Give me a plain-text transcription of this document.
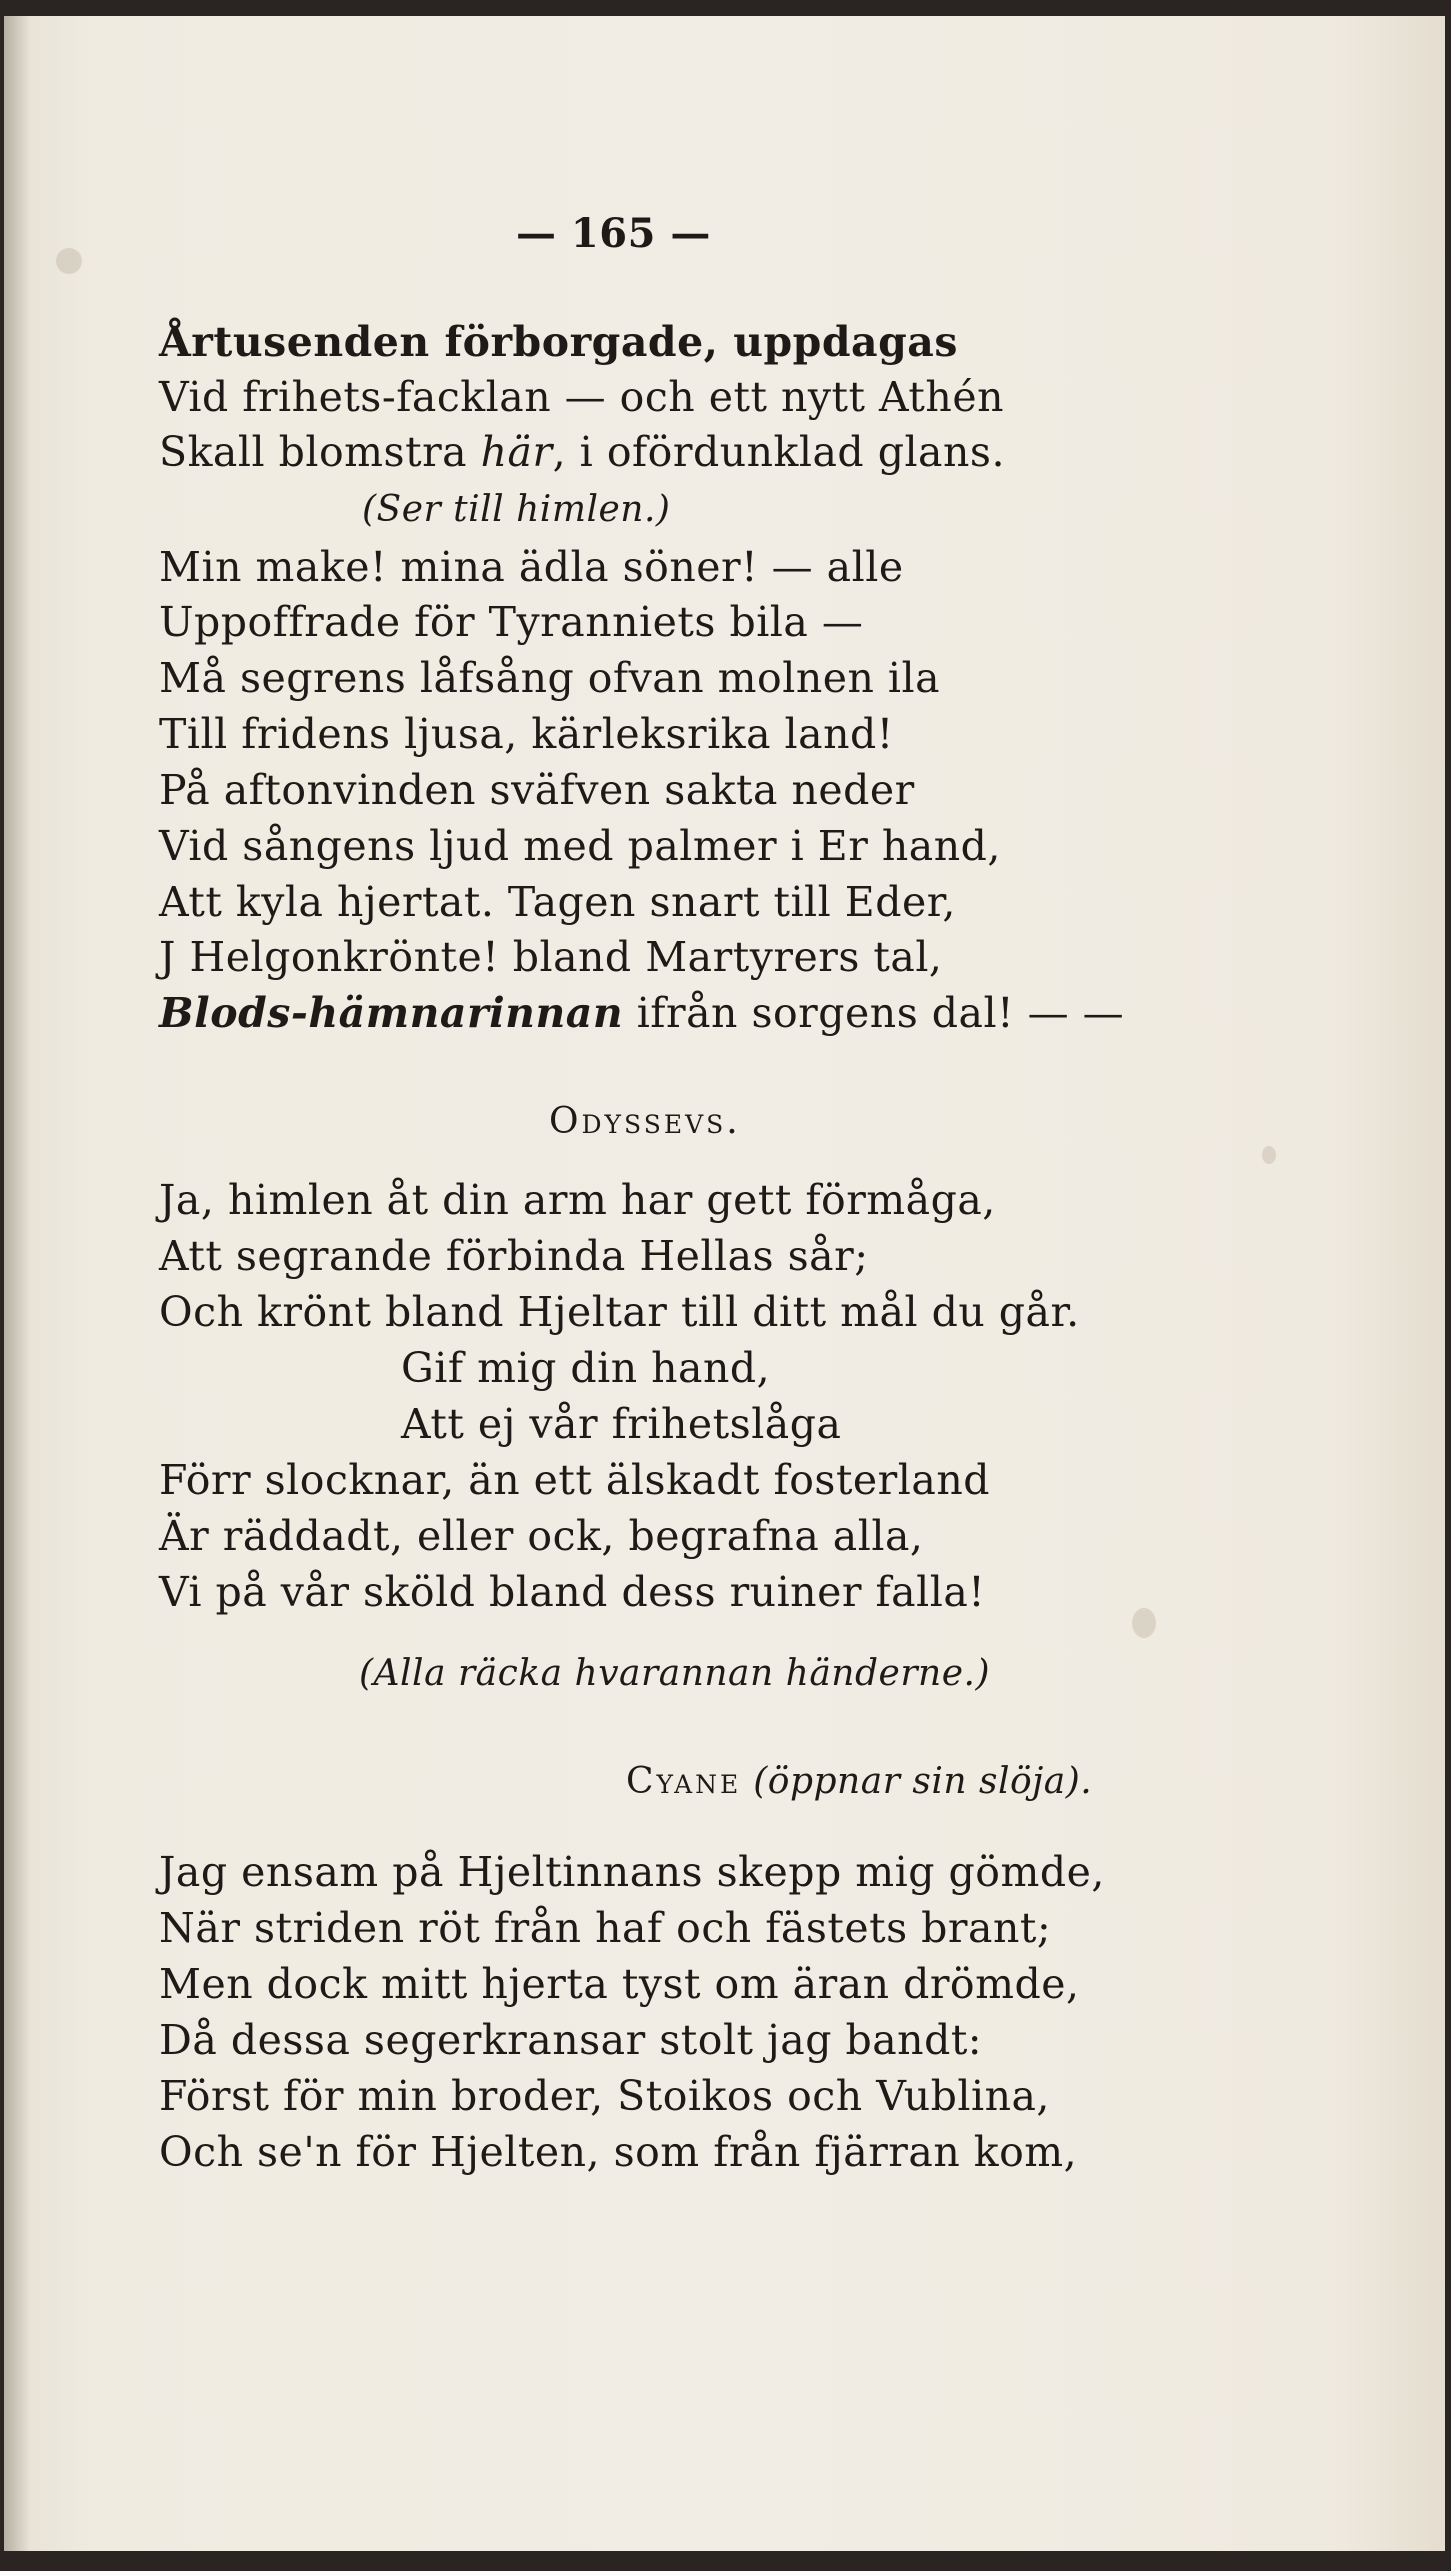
— 165 —
Årtusenden förborgade, uppdagas
Vid frihets-facklan — och ett nytt Athén
Skall blomstra här, i ofördunklad glans.
(Ser till himlen.)
Min make! mina ädla söner! — alle
Uppoffrade för Tyranniets bila —
Må segrens låfsång ofvan molnen ila
Till fridens ljusa, kärleksrika land!
På aftonvinden sväfven sakta neder
Vid sångens ljud med palmer i Er hand,
Att kyla hjertat. Tagen snart till Eder,
J Helgonkrönte! bland Martyrers tal,
Blods-hämnarinnan ifrån sorgens dal! — —
Odyssevs.
Ja, himlen åt din arm har gett förmåga,
Att segrande förbinda Hellas sår;
Och krönt bland Hjeltar till ditt mål du går.
Gif mig din hand,
Att ej vår frihetslåga
Förr slocknar, än ett älskadt fosterland
Är räddadt, eller ock, begrafna alla,
Vi på vår sköld bland dess ruiner falla!
(Alla räcka hvarannan händerne.)
Cyane (öppnar sin slöja).
Jag ensam på Hjeltinnans skepp mig gömde,
När striden röt från haf och fästets brant;
Men dock mitt hjerta tyst om äran drömde,
Då dessa segerkransar stolt jag bandt:
Först för min broder, Stoikos och Vublina,
Och se'n för Hjelten, som från fjärran kom,
